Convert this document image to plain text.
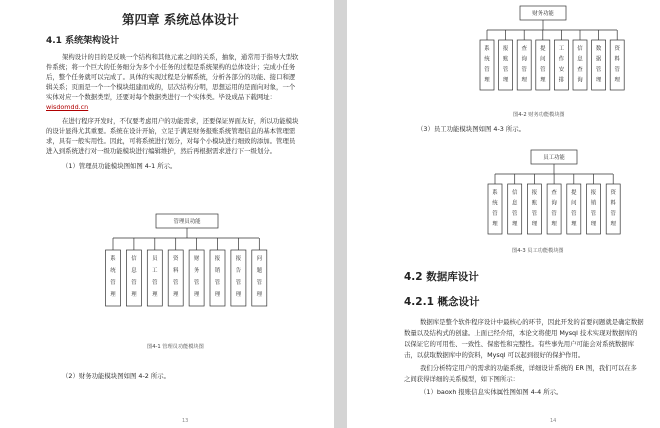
第四章 系统总体设计

4.1 系统架构设计

架构设计的目的是反映一个结构和其他元素之间的关系，抽象，通常用于指导大型软

件系统；将一个巨大的任务细分为多个小任务的过程是系统架构的总体设计；完成小任务

后，整个任务就可以完成了。具体的实现过程是分解系统，分析各部分的功能、接口和逻

辑关系；页面是一个一个模块组建而成的，层次结构分明，思想运用的是面向对象，一个

实体对应一个数据类型，还要对每个数据类进行一个实体类。毕设成品下载网址：

wisdomdd.cn

在进行程序开发时，不仅要考虑用户的功能需求，还要保证界面友好，所以功能模块

的设计显得尤其重要。系统在设计开始，立足于满足财务报账系统管理信息的基本管理需

求，具有一般实用性。因此，可将系统进行划分，对每个小模块进行细致的添加。管理员

进入到系统进行对一级功能模块进行编辑维护，然后再根据需求进行下一级划分。

（1）管理员功能模块图如图 4-1 所示。

管理员功能
系
统
管
理
信
息
管
理
员
工
管
理
资
料
管
理
财
务
管
理
报
销
管
理
报
告
管
理
问
题
管
理

图4-1 管理员功能模块图

（2）财务功能模块图如图 4-2 所示。

13

财务功能
系
统
管
理
报
账
管
理
查
询
管
理
提
问
管
理
工
作
安
排
信
息
查
询
数
据
管
理
资
料
管
理

图4-2 财务功能模块图

（3）员工功能模块图如图 4-3 所示。

员工功能
系
统
管
理
信
息
管
理
报
账
管
理
查
询
管
理
提
问
管
理
报
销
管
理
资
料
管
理

图4-3 员工功能模块图

4.2 数据库设计

4.2.1 概念设计

数据库是整个软件程序设计中最核心的环节，因此开发的首要问题就是确定数据

数量以及结构式的创建。上面已经介绍，本论文将使用 Mysql 技术实现对数据库的

以保证它的可用性、一致性、保密性和完整性。有些事先用户可能会对系统数据库

击，以获取数据库中的资料，Mysql 可以起到很好的保护作用。

我们分析特定用户的需求的功能系统，详细设计系统的 ER 图，我们可以在多

之间获得详细的关系模型，如下图所示：

（1）baoxh 报账信息实体属性图如图 4-4 所示。

14
